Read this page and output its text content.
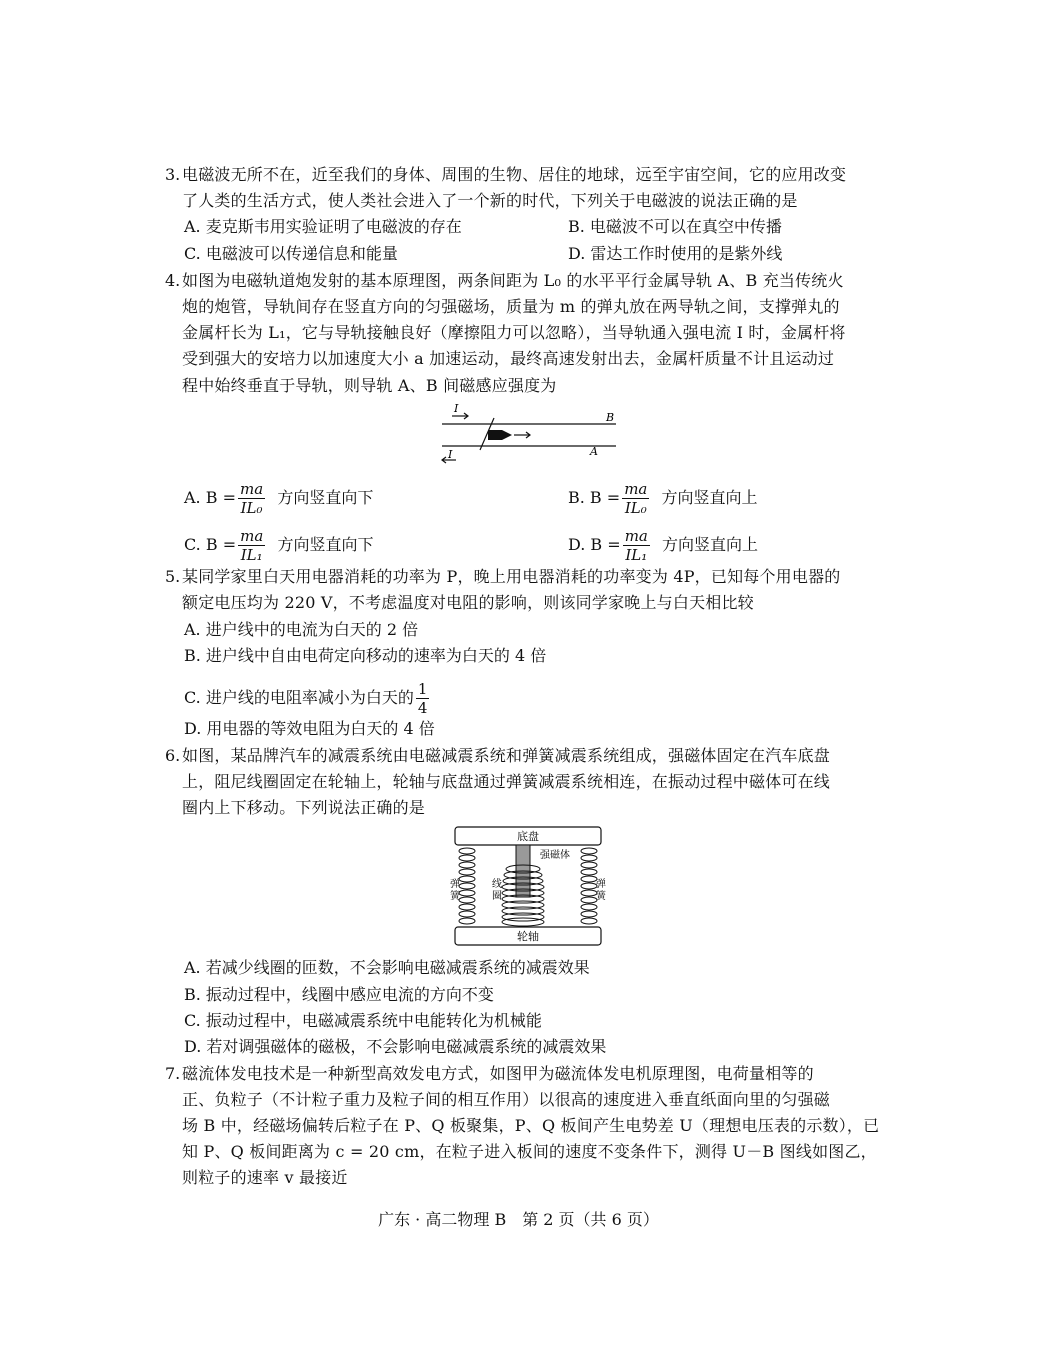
3. 电磁波无所不在，近至我们的身体、周围的生物、居住的地球，远至宇宙空间，它的应用改变
了人类的生活方式，使人类社会进入了一个新的时代，下列关于电磁波的说法正确的是
A. 麦克斯韦用实验证明了电磁波的存在	B. 电磁波不可以在真空中传播
C. 电磁波可以传递信息和能量	D. 雷达工作时使用的是紫外线
4. 如图为电磁轨道炮发射的基本原理图，两条间距为 L₀ 的水平平行金属导轨 A、B 充当传统火
炮的炮管，导轨间存在竖直方向的匀强磁场，质量为 m 的弹丸放在两导轨之间，支撑弹丸的
金属杆长为 L₁，它与导轨接触良好（摩擦阻力可以忽略），当导轨通入强电流 I 时，金属杆将
受到强大的安培力以加速度大小 a 加速运动，最终高速发射出去，金属杆质量不计且运动过
程中始终垂直于导轨，则导轨 A、B 间磁感应强度为
I
B
A
I
A. $B = \frac{ma}{\text{IL₀}}$ 方向竖直向下	B. $B = \frac{ma}{\text{IL₀}}$ 方向竖直向上
C. $B = \frac{ma}{\text{IL₁}}$ 方向竖直向下	D. $B = \frac{ma}{\text{IL₁}}$ 方向竖直向上
5. 某同学家里白天用电器消耗的功率为 P，晚上用电器消耗的功率变为 4P，已知每个用电器的
额定电压均为 220 V，不考虑温度对电阻的影响，则该同学家晚上与白天相比较
A. 进户线中的电流为白天的 2 倍
B. 进户线中自由电荷定向移动的速率为白天的 4 倍
C. 进户线的电阻率减小为白天的 $\frac{1}{4}$
D. 用电器的等效电阻为白天的 4 倍
6. 如图，某品牌汽车的减震系统由电磁减震系统和弹簧减震系统组成，强磁体固定在汽车底盘
上，阻尼线圈固定在轮轴上，轮轴与底盘通过弹簧减震系统相连，在振动过程中磁体可在线
圈内上下移动。下列说法正确的是
底盘
强磁体
弹
簧
线
圈
弹
簧
轮轴
A. 若减少线圈的匝数，不会影响电磁减震系统的减震效果
B. 振动过程中，线圈中感应电流的方向不变
C. 振动过程中，电磁减震系统中电能转化为机械能
D. 若对调强磁体的磁极，不会影响电磁减震系统的减震效果
7. 磁流体发电技术是一种新型高效发电方式，如图甲为磁流体发电机原理图，电荷量相等的
正、负粒子（不计粒子重力及粒子间的相互作用）以很高的速度进入垂直纸面向里的匀强磁
场 B 中，经磁场偏转后粒子在 P、Q 板聚集，P、Q 板间产生电势差 U（理想电压表的示数），已
知 P、Q 板间距离为 c = 20 cm，在粒子进入板间的速度不变条件下，测得 U－B 图线如图乙，
则粒子的速率 v 最接近
广东 · 高二物理 B　第 2 页（共 6 页）
